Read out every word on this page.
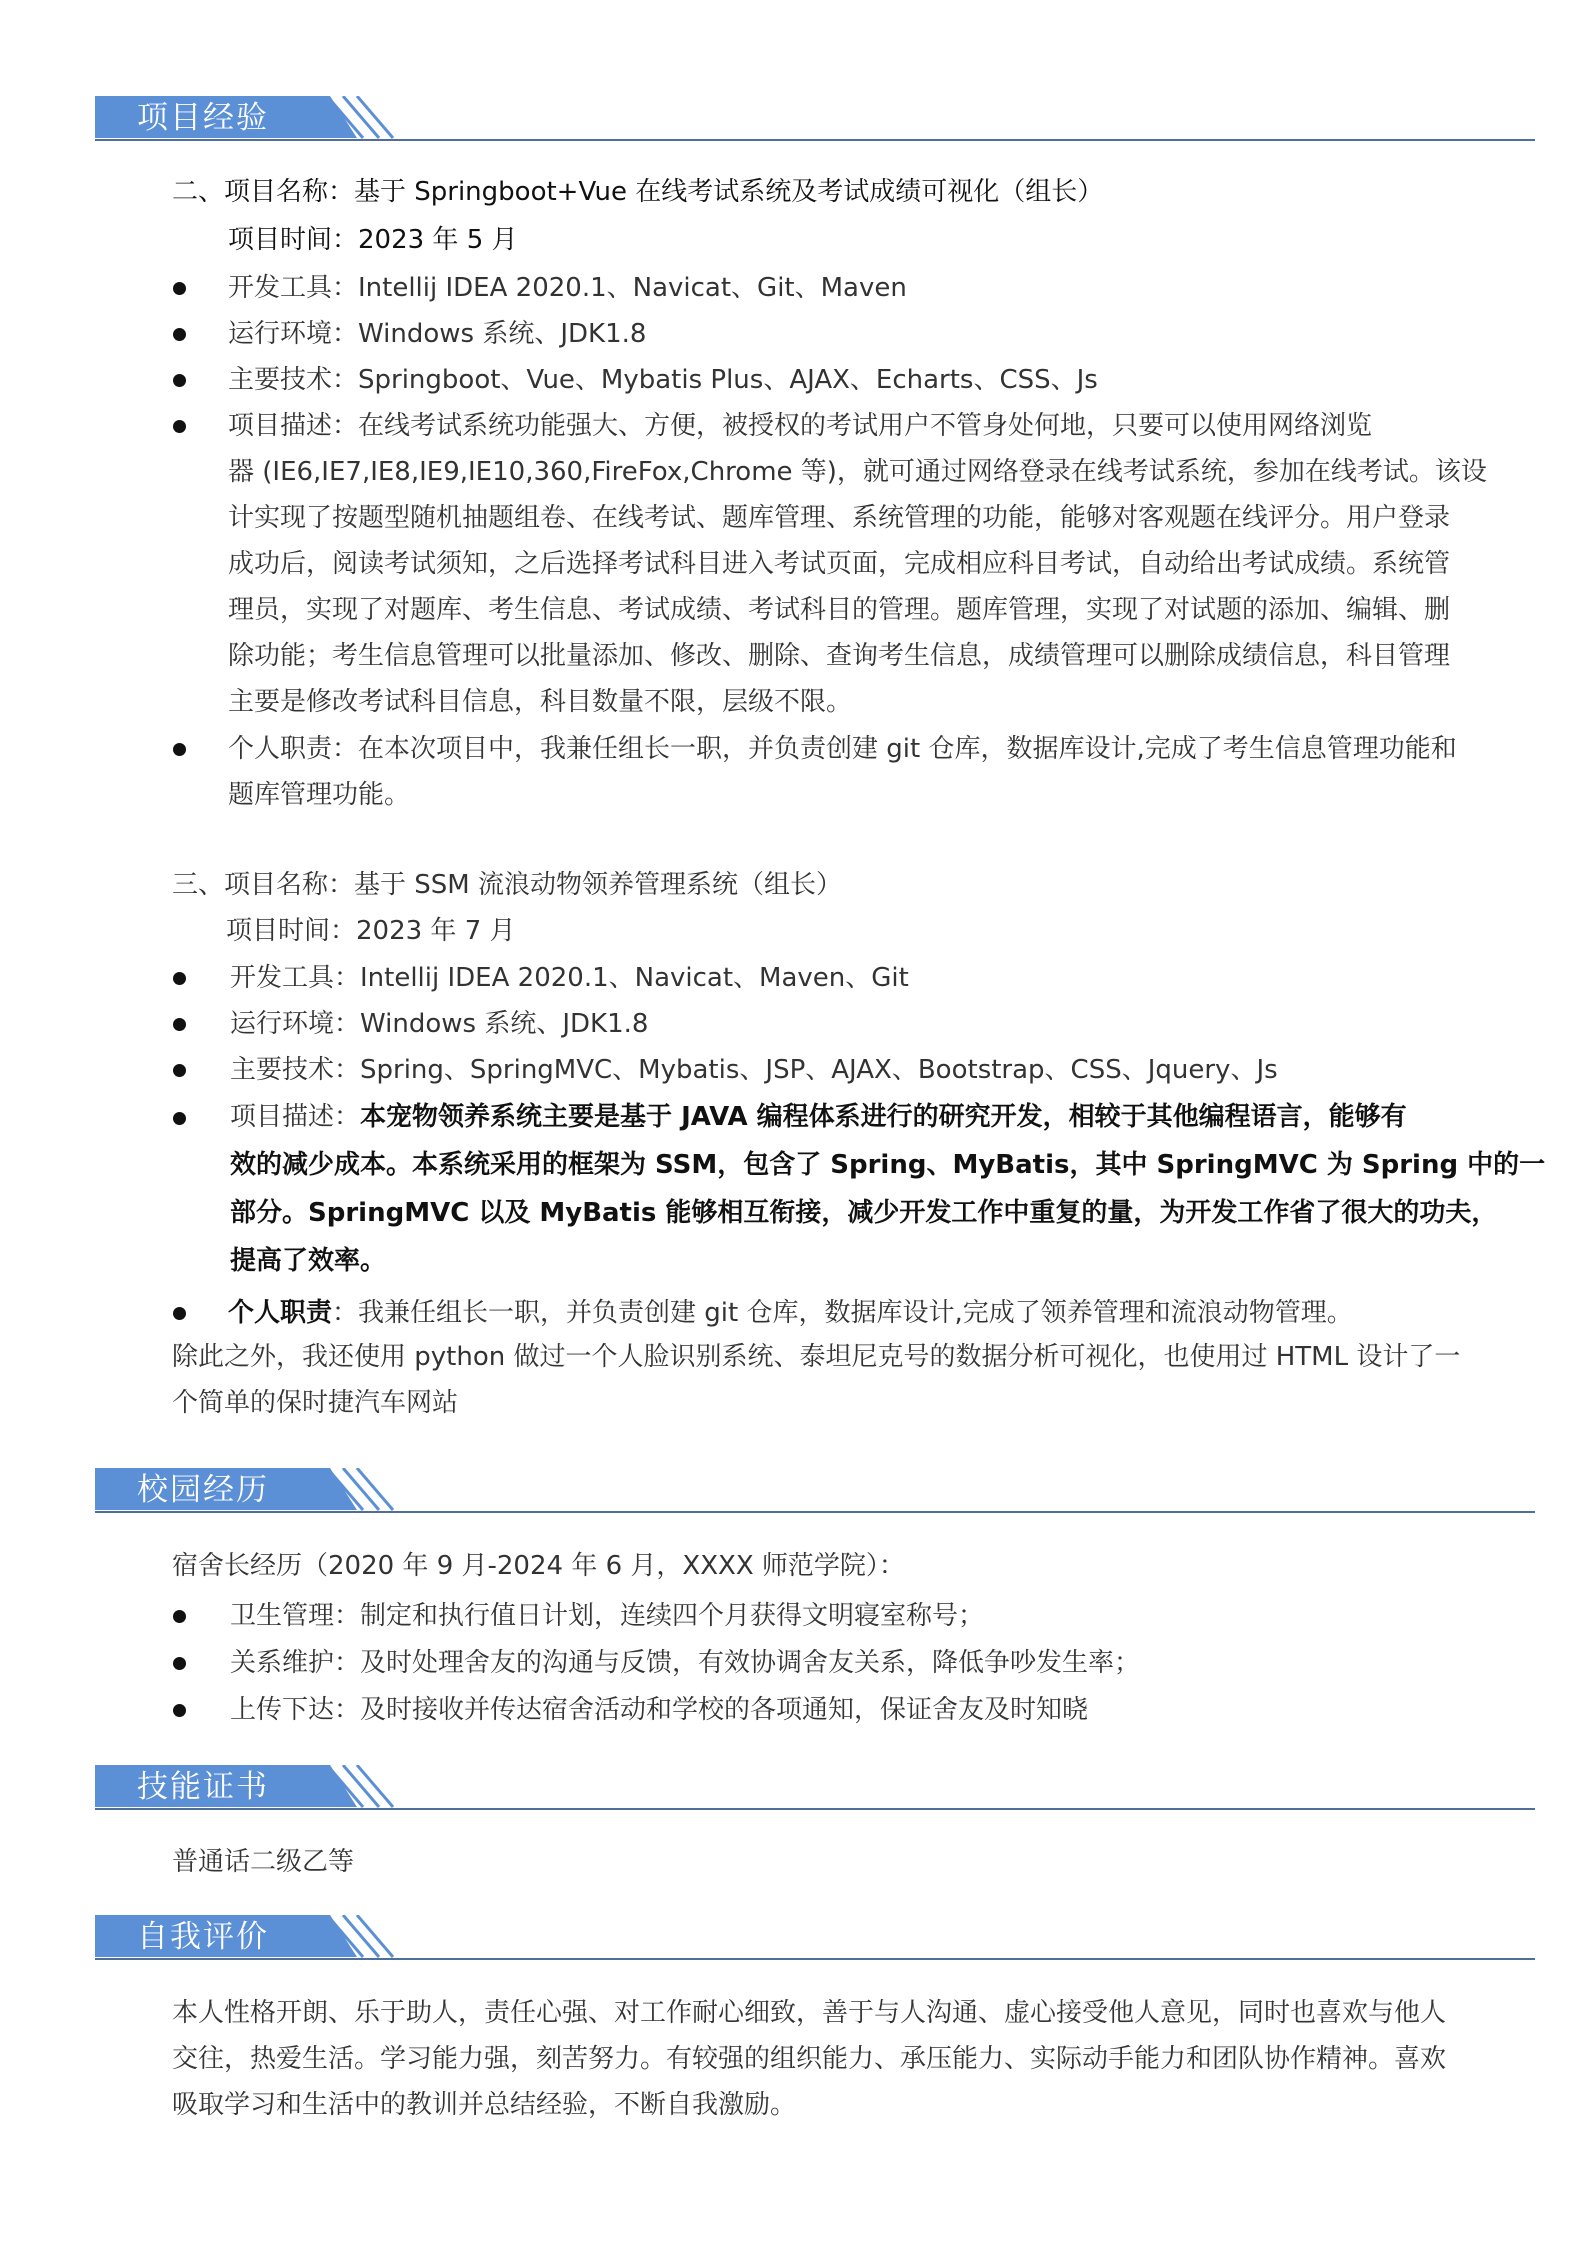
项目经验
二、项目名称：基于 Springboot+Vue 在线考试系统及考试成绩可视化（组长）
项目时间：2023 年 5 月
开发工具：Intellij IDEA 2020.1、Navicat、Git、Maven
运行环境：Windows 系统、JDK1.8
主要技术：Springboot、Vue、Mybatis Plus、AJAX、Echarts、CSS、Js
项目描述：在线考试系统功能强大、方便，被授权的考试用户不管身处何地，只要可以使用网络浏览
器 (IE6,IE7,IE8,IE9,IE10,360,FireFox,Chrome 等)，就可通过网络登录在线考试系统，参加在线考试。该设
计实现了按题型随机抽题组卷、在线考试、题库管理、系统管理的功能，能够对客观题在线评分。用户登录
成功后，阅读考试须知，之后选择考试科目进入考试页面，完成相应科目考试，自动给出考试成绩。系统管
理员，实现了对题库、考生信息、考试成绩、考试科目的管理。题库管理，实现了对试题的添加、编辑、删
除功能；考生信息管理可以批量添加、修改、删除、查询考生信息，成绩管理可以删除成绩信息，科目管理
主要是修改考试科目信息，科目数量不限，层级不限。
个人职责：在本次项目中，我兼任组长一职，并负责创建 git 仓库，数据库设计,完成了考生信息管理功能和
题库管理功能。
三、项目名称：基于 SSM 流浪动物领养管理系统（组长）
项目时间：2023 年 7 月
开发工具：Intellij IDEA 2020.1、Navicat、Maven、Git
运行环境：Windows 系统、JDK1.8
主要技术：Spring、SpringMVC、Mybatis、JSP、AJAX、Bootstrap、CSS、Jquery、Js
项目描述：本宠物领养系统主要是基于 JAVA 编程体系进行的研究开发，相较于其他编程语言，能够有
效的减少成本。本系统采用的框架为 SSM，包含了 Spring、MyBatis，其中 SpringMVC 为 Spring 中的一
部分。SpringMVC 以及 MyBatis 能够相互衔接，减少开发工作中重复的量，为开发工作省了很大的功夫，
提高了效率。
个人职责：我兼任组长一职，并负责创建 git 仓库，数据库设计,完成了领养管理和流浪动物管理。
除此之外，我还使用 python 做过一个人脸识别系统、泰坦尼克号的数据分析可视化，也使用过 HTML 设计了一
个简单的保时捷汽车网站
校园经历
宿舍长经历（2020 年 9 月-2024 年 6 月，XXXX 师范学院）：
卫生管理：制定和执行值日计划，连续四个月获得文明寝室称号；
关系维护：及时处理舍友的沟通与反馈，有效协调舍友关系，降低争吵发生率；
上传下达：及时接收并传达宿舍活动和学校的各项通知，保证舍友及时知晓
技能证书
普通话二级乙等
自我评价
本人性格开朗、乐于助人，责任心强、对工作耐心细致，善于与人沟通、虚心接受他人意见，同时也喜欢与他人
交往，热爱生活。学习能力强，刻苦努力。有较强的组织能力、承压能力、实际动手能力和团队协作精神。喜欢
吸取学习和生活中的教训并总结经验，不断自我激励。
